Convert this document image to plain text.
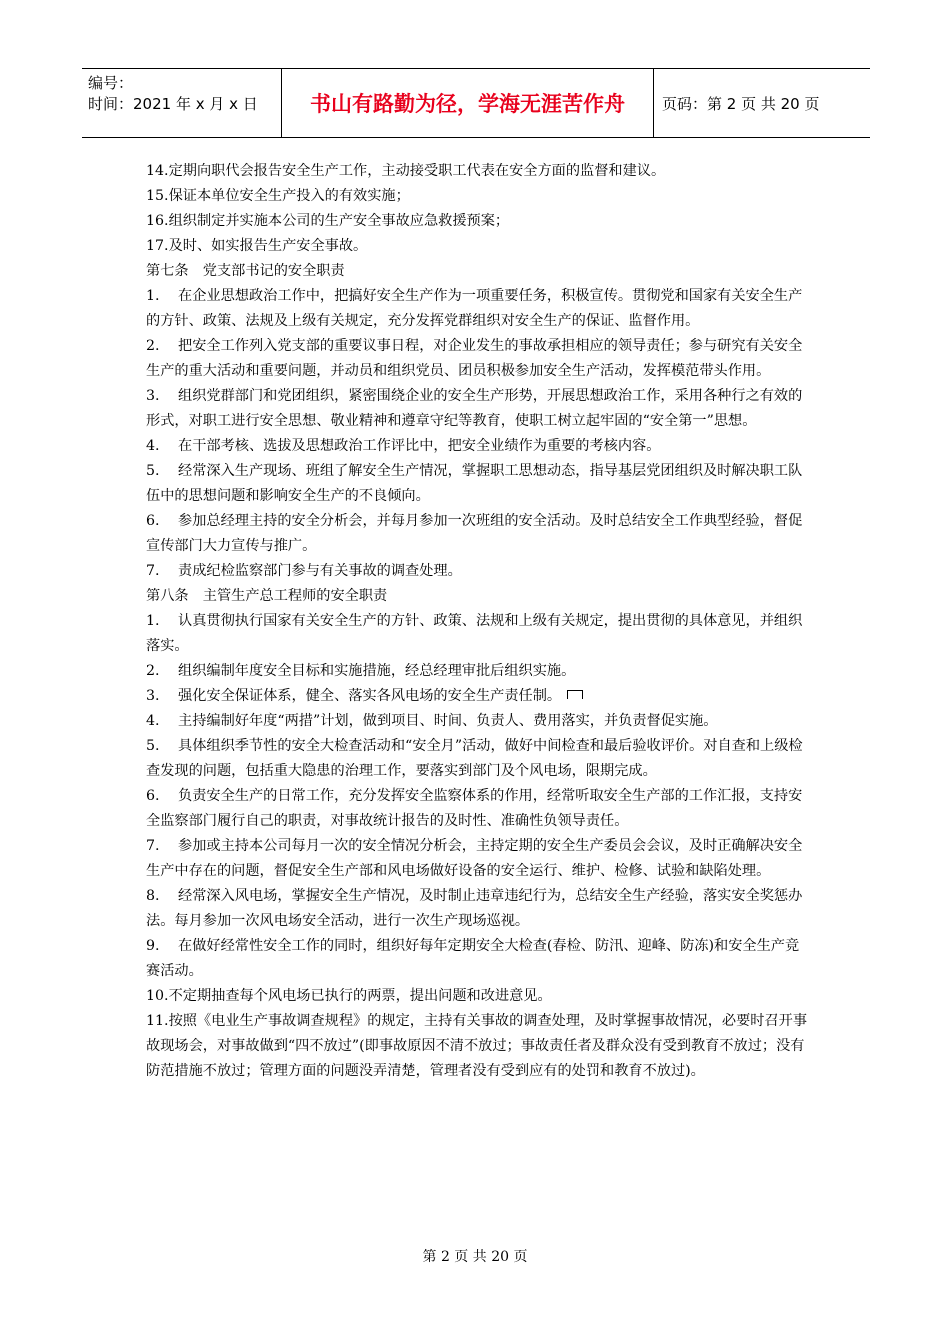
编号：
时间：2021 年 x 月 x 日	书山有路勤为径，学海无涯苦作舟	页码：第 2 页 共 20 页
14.定期向职代会报告安全生产工作，主动接受职工代表在安全方面的监督和建议。
15.保证本单位安全生产投入的有效实施；
16.组织制定并实施本公司的生产安全事故应急救援预案；
17.及时、如实报告生产安全事故。
第七条　党支部书记的安全职责
1. 在企业思想政治工作中，把搞好安全生产作为一项重要任务，积极宣传。贯彻党和国家有关安全生产的方针、政策、法规及上级有关规定，充分发挥党群组织对安全生产的保证、监督作用。
2. 把安全工作列入党支部的重要议事日程，对企业发生的事故承担相应的领导责任；参与研究有关安全生产的重大活动和重要问题，并动员和组织党员、团员积极参加安全生产活动，发挥模范带头作用。
3. 组织党群部门和党团组织，紧密围绕企业的安全生产形势，开展思想政治工作，采用各种行之有效的形式，对职工进行安全思想、敬业精神和遵章守纪等教育，使职工树立起牢固的“安全第一”思想。
4. 在干部考核、选拔及思想政治工作评比中，把安全业绩作为重要的考核内容。
5. 经常深入生产现场、班组了解安全生产情况，掌握职工思想动态，指导基层党团组织及时解决职工队伍中的思想问题和影响安全生产的不良倾向。
6. 参加总经理主持的安全分析会，并每月参加一次班组的安全活动。及时总结安全工作典型经验，督促宣传部门大力宣传与推广。
7. 责成纪检监察部门参与有关事故的调查处理。
第八条　主管生产总工程师的安全职责
1. 认真贯彻执行国家有关安全生产的方针、政策、法规和上级有关规定，提出贯彻的具体意见，并组织落实。
2. 组织编制年度安全目标和实施措施，经总经理审批后组织实施。
3. 强化安全保证体系，健全、落实各风电场的安全生产责任制。
4. 主持编制好年度“两措”计划，做到项目、时间、负责人、费用落实，并负责督促实施。
5. 具体组织季节性的安全大检查活动和“安全月”活动，做好中间检查和最后验收评价。对自查和上级检查发现的问题，包括重大隐患的治理工作，要落实到部门及个风电场，限期完成。
6. 负责安全生产的日常工作，充分发挥安全监察体系的作用，经常听取安全生产部的工作汇报，支持安全监察部门履行自己的职责，对事故统计报告的及时性、准确性负领导责任。
7. 参加或主持本公司每月一次的安全情况分析会，主持定期的安全生产委员会会议，及时正确解决安全生产中存在的问题，督促安全生产部和风电场做好设备的安全运行、维护、检修、试验和缺陷处理。
8. 经常深入风电场，掌握安全生产情况，及时制止违章违纪行为，总结安全生产经验，落实安全奖惩办法。每月参加一次风电场安全活动，进行一次生产现场巡视。
9. 在做好经常性安全工作的同时，组织好每年定期安全大检查(春检、防汛、迎峰、防冻)和安全生产竞赛活动。
10.不定期抽查每个风电场已执行的两票，提出问题和改进意见。
11.按照《电业生产事故调查规程》的规定，主持有关事故的调查处理，及时掌握事故情况，必要时召开事故现场会，对事故做到“四不放过”(即事故原因不清不放过；事故责任者及群众没有受到教育不放过；没有防范措施不放过；管理方面的问题没弄清楚，管理者没有受到应有的处罚和教育不放过)。
第 2 页 共 20 页
